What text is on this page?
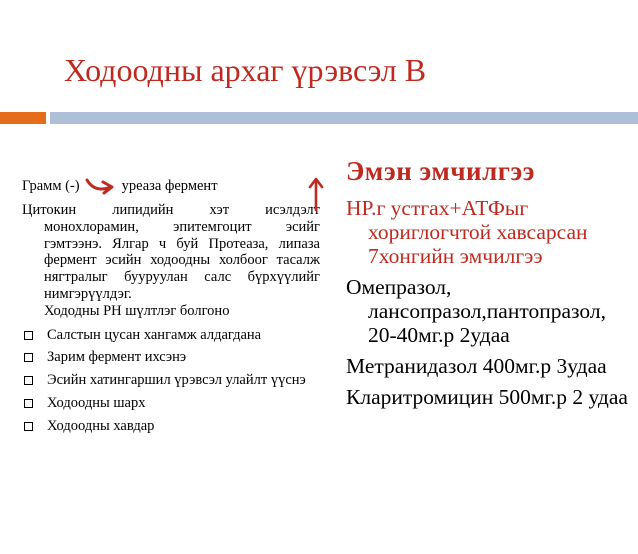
Ходоодны архаг үрэвсэл В
Грамм (-)	уреаза фермент

Цитокин липидийн хэт исэлдэлт монохлорамин, эпитемгоцит эсийг гэмтээнэ. Ялгар ч буй Протеаза, липаза фермент эсийн ходоодны холбоог тасалж нягтралыг бууруулан салс бүрхүүлийг нимгэрүүлдэг.

Хододны PH шүлтлэг болгоно

Салстын цусан хангамж алдагдана
Зарим фермент ихсэнэ
Эсийн хатингаршил үрэвсэл улайлт үүснэ
Ходоодны шарх
Ходоодны хавдар
Эмэн эмчилгээ

HP.г устгах+АТФыг хориглогчтой хавсарсан 7хонгийн эмчилгээ

Омепразол, лансопразол,пантопразол, 20-40мг.р 2удаа

Метранидазол 400мг.р 3удаа

Кларитромицин 500мг.р 2 удаа
